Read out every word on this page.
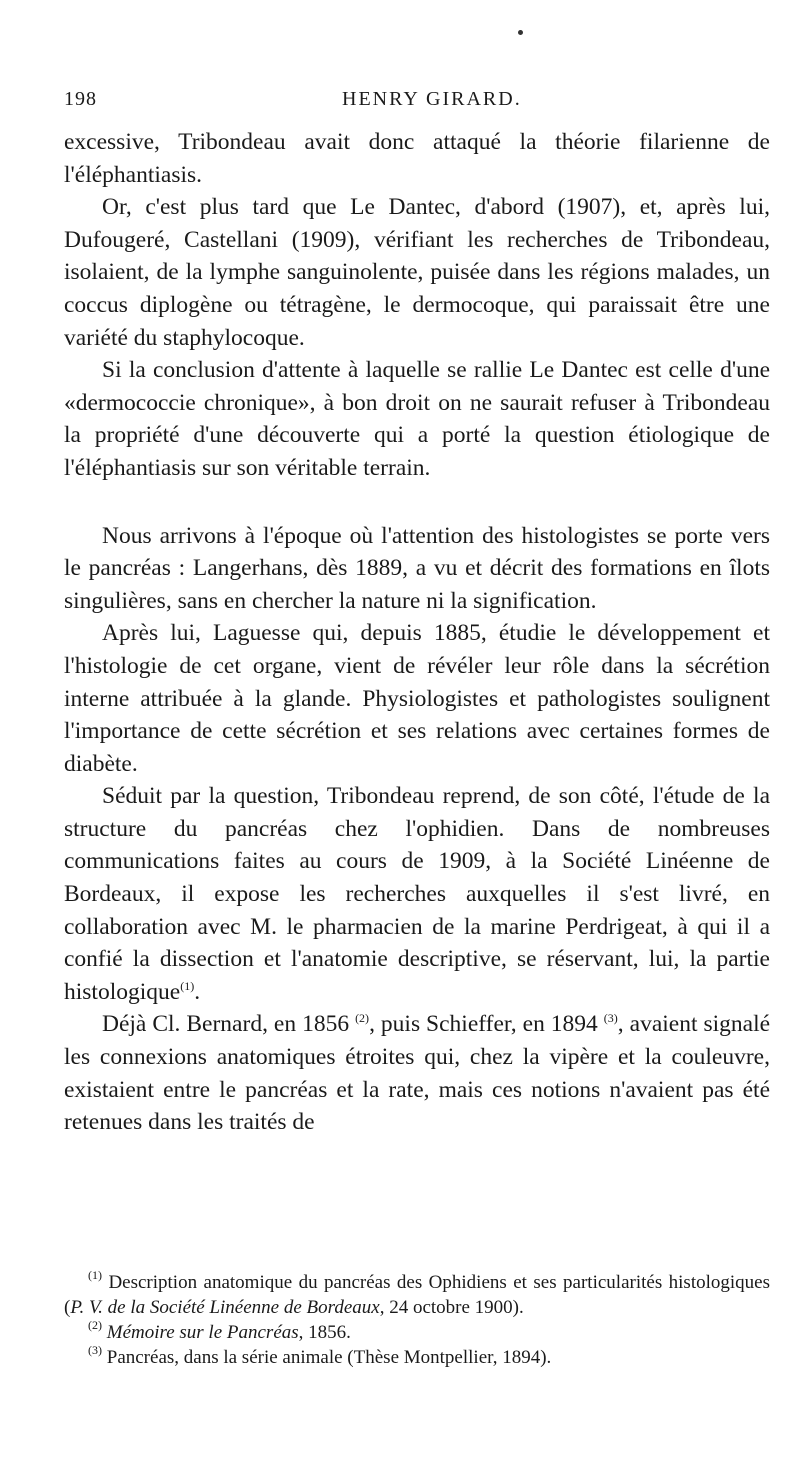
198	HENRY GIRARD.

excessive, Tribondeau avait donc attaqué la théorie filarienne de l'éléphantiasis.

Or, c'est plus tard que Le Dantec, d'abord (1907), et, après lui, Dufougeré, Castellani (1909), vérifiant les recherches de Tribondeau, isolaient, de la lymphe sanguinolente, puisée dans les régions malades, un coccus diplogène ou tétragène, le dermocoque, qui paraissait être une variété du staphylocoque.

Si la conclusion d'attente à laquelle se rallie Le Dantec est celle d'une «dermococcie chronique», à bon droit on ne saurait refuser à Tribondeau la propriété d'une découverte qui a porté la question étiologique de l'éléphantiasis sur son véritable terrain.

Nous arrivons à l'époque où l'attention des histologistes se porte vers le pancréas : Langerhans, dès 1889, a vu et décrit des formations en îlots singulières, sans en chercher la nature ni la signification.

Après lui, Laguesse qui, depuis 1885, étudie le développement et l'histologie de cet organe, vient de révéler leur rôle dans la sécrétion interne attribuée à la glande. Physiologistes et pathologistes soulignent l'importance de cette sécrétion et ses relations avec certaines formes de diabète.

Séduit par la question, Tribondeau reprend, de son côté, l'étude de la structure du pancréas chez l'ophidien. Dans de nombreuses communications faites au cours de 1909, à la Société Linéenne de Bordeaux, il expose les recherches auxquelles il s'est livré, en collaboration avec M. le pharmacien de la marine Perdrigeat, à qui il a confié la dissection et l'anatomie descriptive, se réservant, lui, la partie histologique$^{(1)}$.

Déjà Cl. Bernard, en 1856 $^{(2)}$, puis Schieffer, en 1894 $^{(3)}$, avaient signalé les connexions anatomiques étroites qui, chez la vipère et la couleuvre, existaient entre le pancréas et la rate, mais ces notions n'avaient pas été retenues dans les traités de

$^{(1)}$ Description anatomique du pancréas des Ophidiens et ses particularités histologiques (P. V. de la Société Linéenne de Bordeaux, 24 octobre 1900).

$^{(2)}$ Mémoire sur le Pancréas, 1856.

$^{(3)}$ Pancréas, dans la série animale (Thèse Montpellier, 1894).
